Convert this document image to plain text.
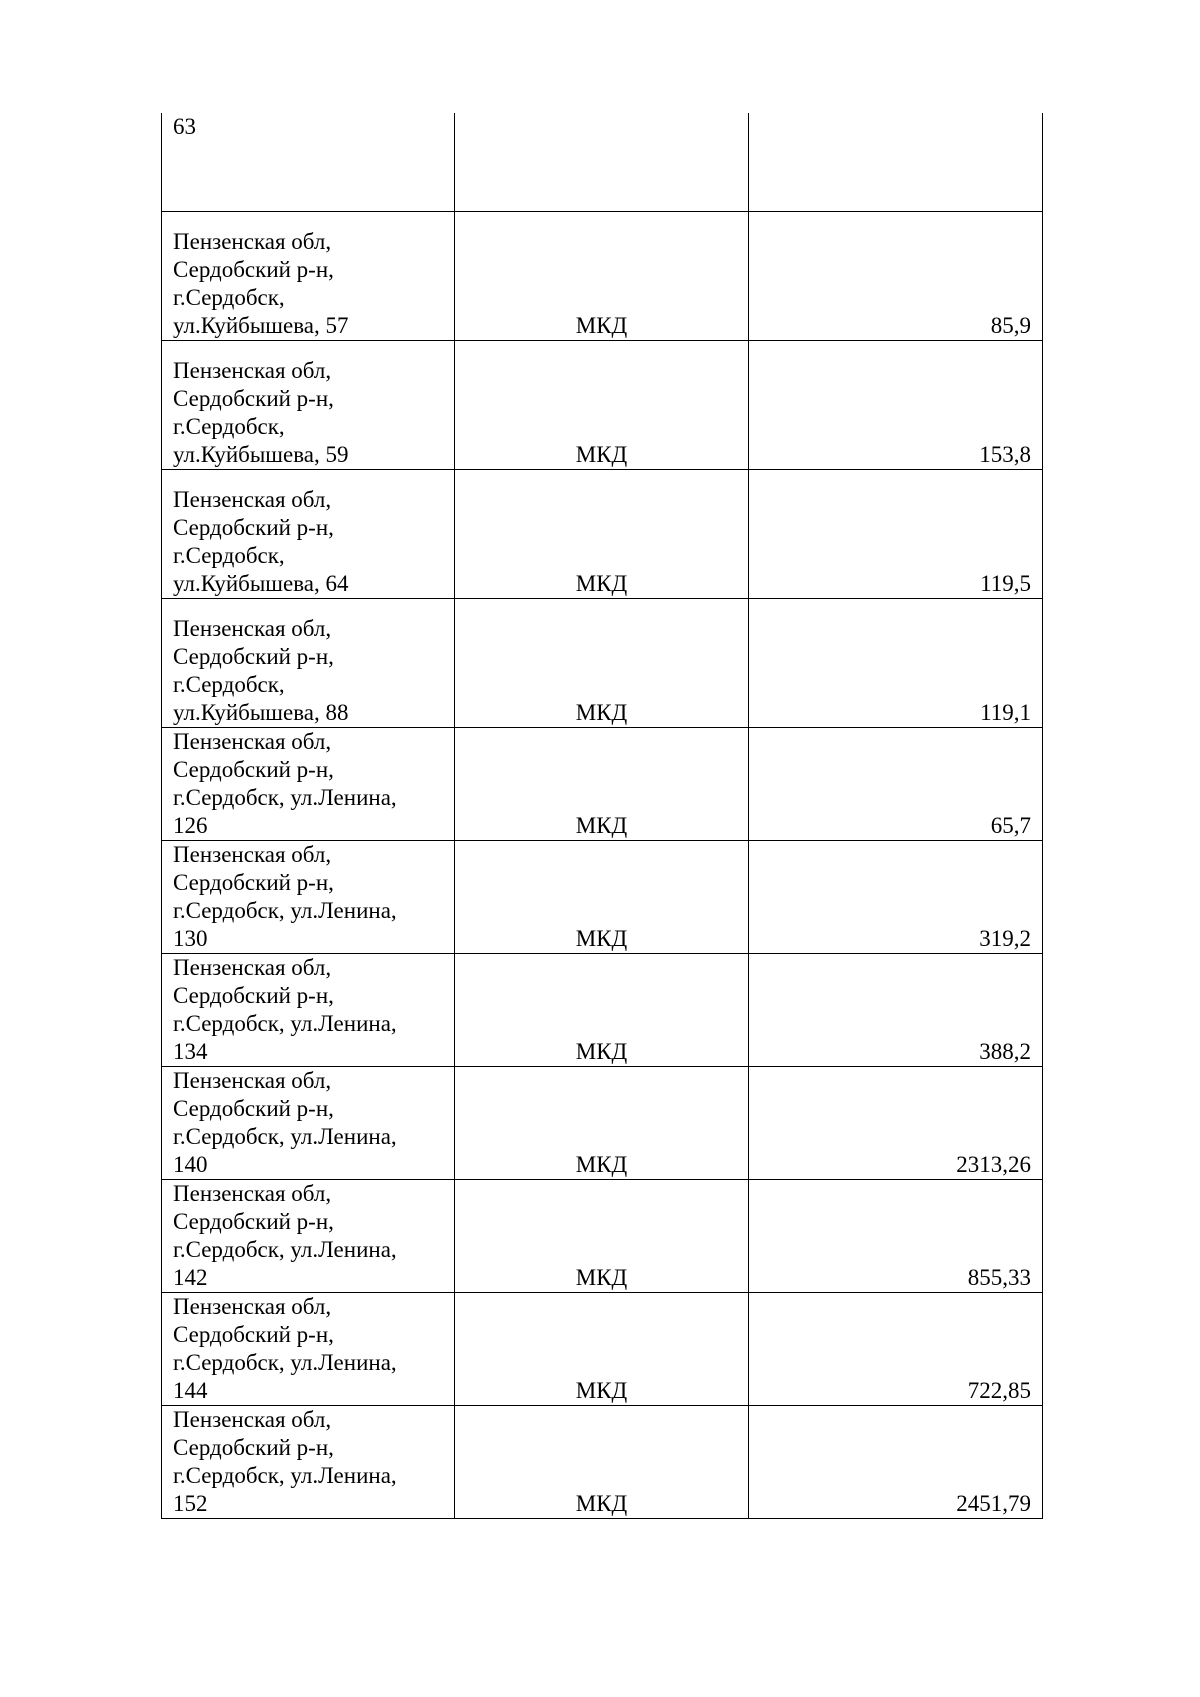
63		

Пензенская обл,
Сердобский р-н,
г.Сердобск,
ул.Куйбышева, 57	МКД	85,9

Пензенская обл,
Сердобский р-н,
г.Сердобск,
ул.Куйбышева, 59	МКД	153,8

Пензенская обл,
Сердобский р-н,
г.Сердобск,
ул.Куйбышева, 64	МКД	119,5

Пензенская обл,
Сердобский р-н,
г.Сердобск,
ул.Куйбышева, 88	МКД	119,1

Пензенская обл,
Сердобский р-н,
г.Сердобск, ул.Ленина,
126	МКД	65,7

Пензенская обл,
Сердобский р-н,
г.Сердобск, ул.Ленина,
130	МКД	319,2

Пензенская обл,
Сердобский р-н,
г.Сердобск, ул.Ленина,
134	МКД	388,2

Пензенская обл,
Сердобский р-н,
г.Сердобск, ул.Ленина,
140	МКД	2313,26

Пензенская обл,
Сердобский р-н,
г.Сердобск, ул.Ленина,
142	МКД	855,33

Пензенская обл,
Сердобский р-н,
г.Сердобск, ул.Ленина,
144	МКД	722,85

Пензенская обл,
Сердобский р-н,
г.Сердобск, ул.Ленина,
152	МКД	2451,79
